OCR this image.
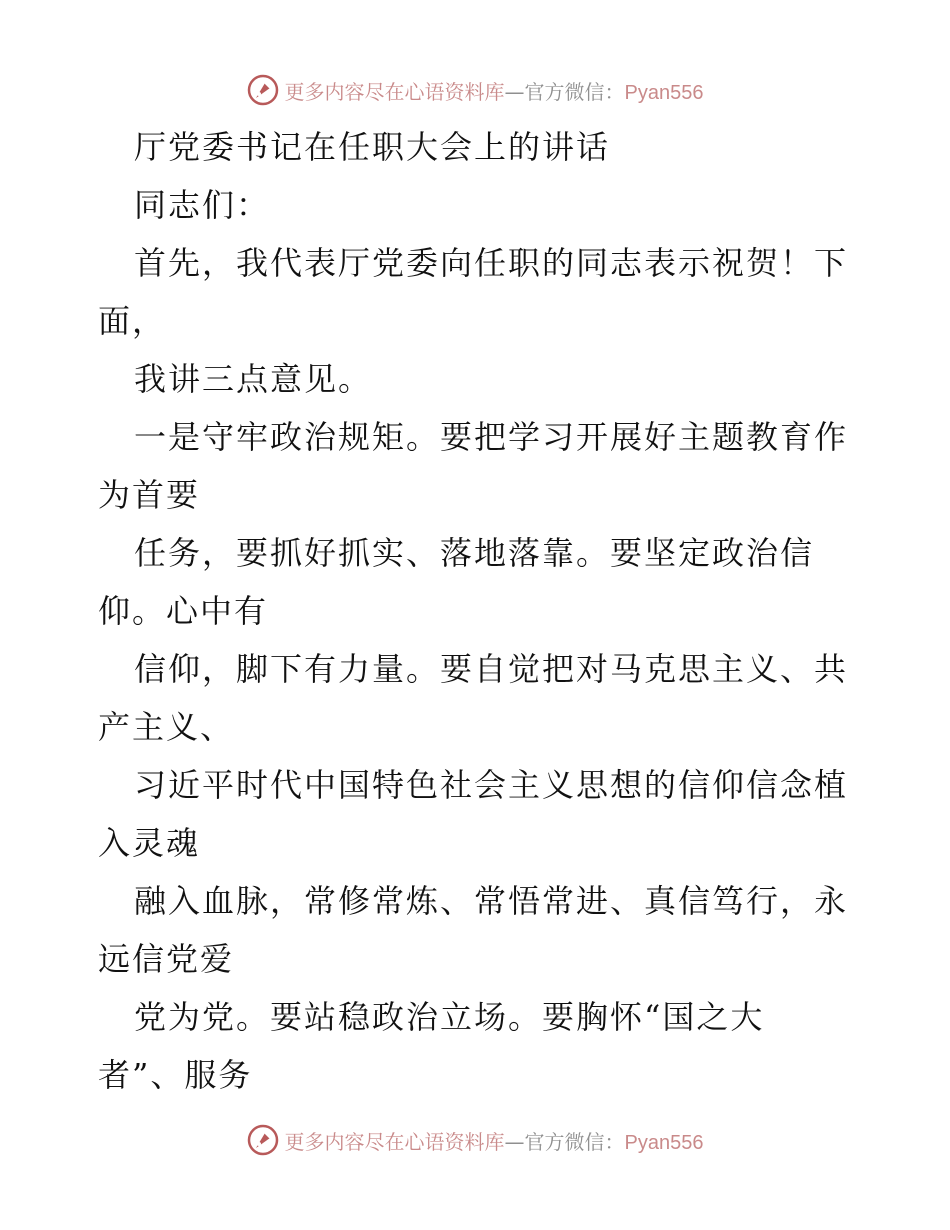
更多内容尽在心语资料库—官方微信：Pyan556
厅党委书记在任职大会上的讲话
同志们：
首先，我代表厅党委向任职的同志表示祝贺！下
面，
我讲三点意见。
一是守牢政治规矩。要把学习开展好主题教育作
为首要
任务，要抓好抓实、落地落靠。要坚定政治信
仰。心中有
信仰，脚下有力量。要自觉把对马克思主义、共
产主义、
习近平时代中国特色社会主义思想的信仰信念植
入灵魂
融入血脉，常修常炼、常悟常进、真信笃行，永
远信党爱
党为党。要站稳政治立场。要胸怀“国之大
者”、服务
更多内容尽在心语资料库—官方微信：Pyan556
